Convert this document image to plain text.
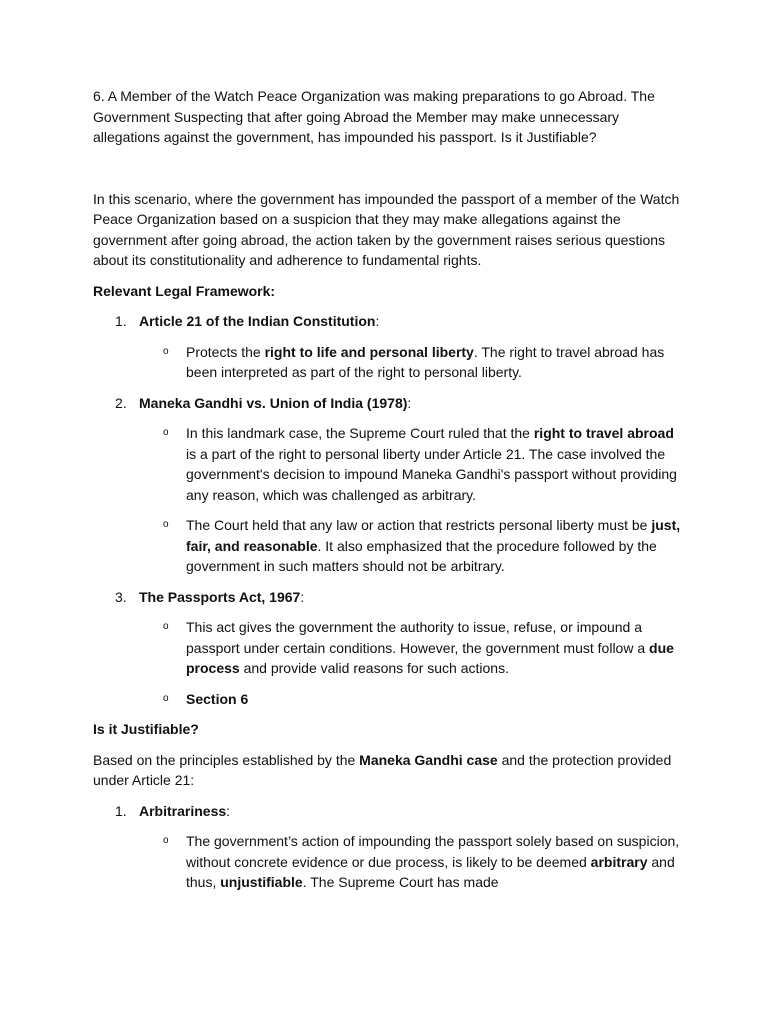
6. A Member of the Watch Peace Organization was making preparations to go Abroad. The Government Suspecting that after going Abroad the Member may make unnecessary allegations against the government, has impounded his passport. Is it Justifiable?

In this scenario, where the government has impounded the passport of a member of the Watch Peace Organization based on a suspicion that they may make allegations against the government after going abroad, the action taken by the government raises serious questions about its constitutionality and adherence to fundamental rights.

Relevant Legal Framework:

1. Article 21 of the Indian Constitution:
o Protects the right to life and personal liberty. The right to travel abroad has been interpreted as part of the right to personal liberty.
2. Maneka Gandhi vs. Union of India (1978):
o In this landmark case, the Supreme Court ruled that the right to travel abroad is a part of the right to personal liberty under Article 21. The case involved the government's decision to impound Maneka Gandhi's passport without providing any reason, which was challenged as arbitrary.
o The Court held that any law or action that restricts personal liberty must be just, fair, and reasonable. It also emphasized that the procedure followed by the government in such matters should not be arbitrary.
3. The Passports Act, 1967:
o This act gives the government the authority to issue, refuse, or impound a passport under certain conditions. However, the government must follow a due process and provide valid reasons for such actions.
o Section 6

Is it Justifiable?

Based on the principles established by the Maneka Gandhi case and the protection provided under Article 21:

1. Arbitrariness:
o The government’s action of impounding the passport solely based on suspicion, without concrete evidence or due process, is likely to be deemed arbitrary and thus, unjustifiable. The Supreme Court has made
